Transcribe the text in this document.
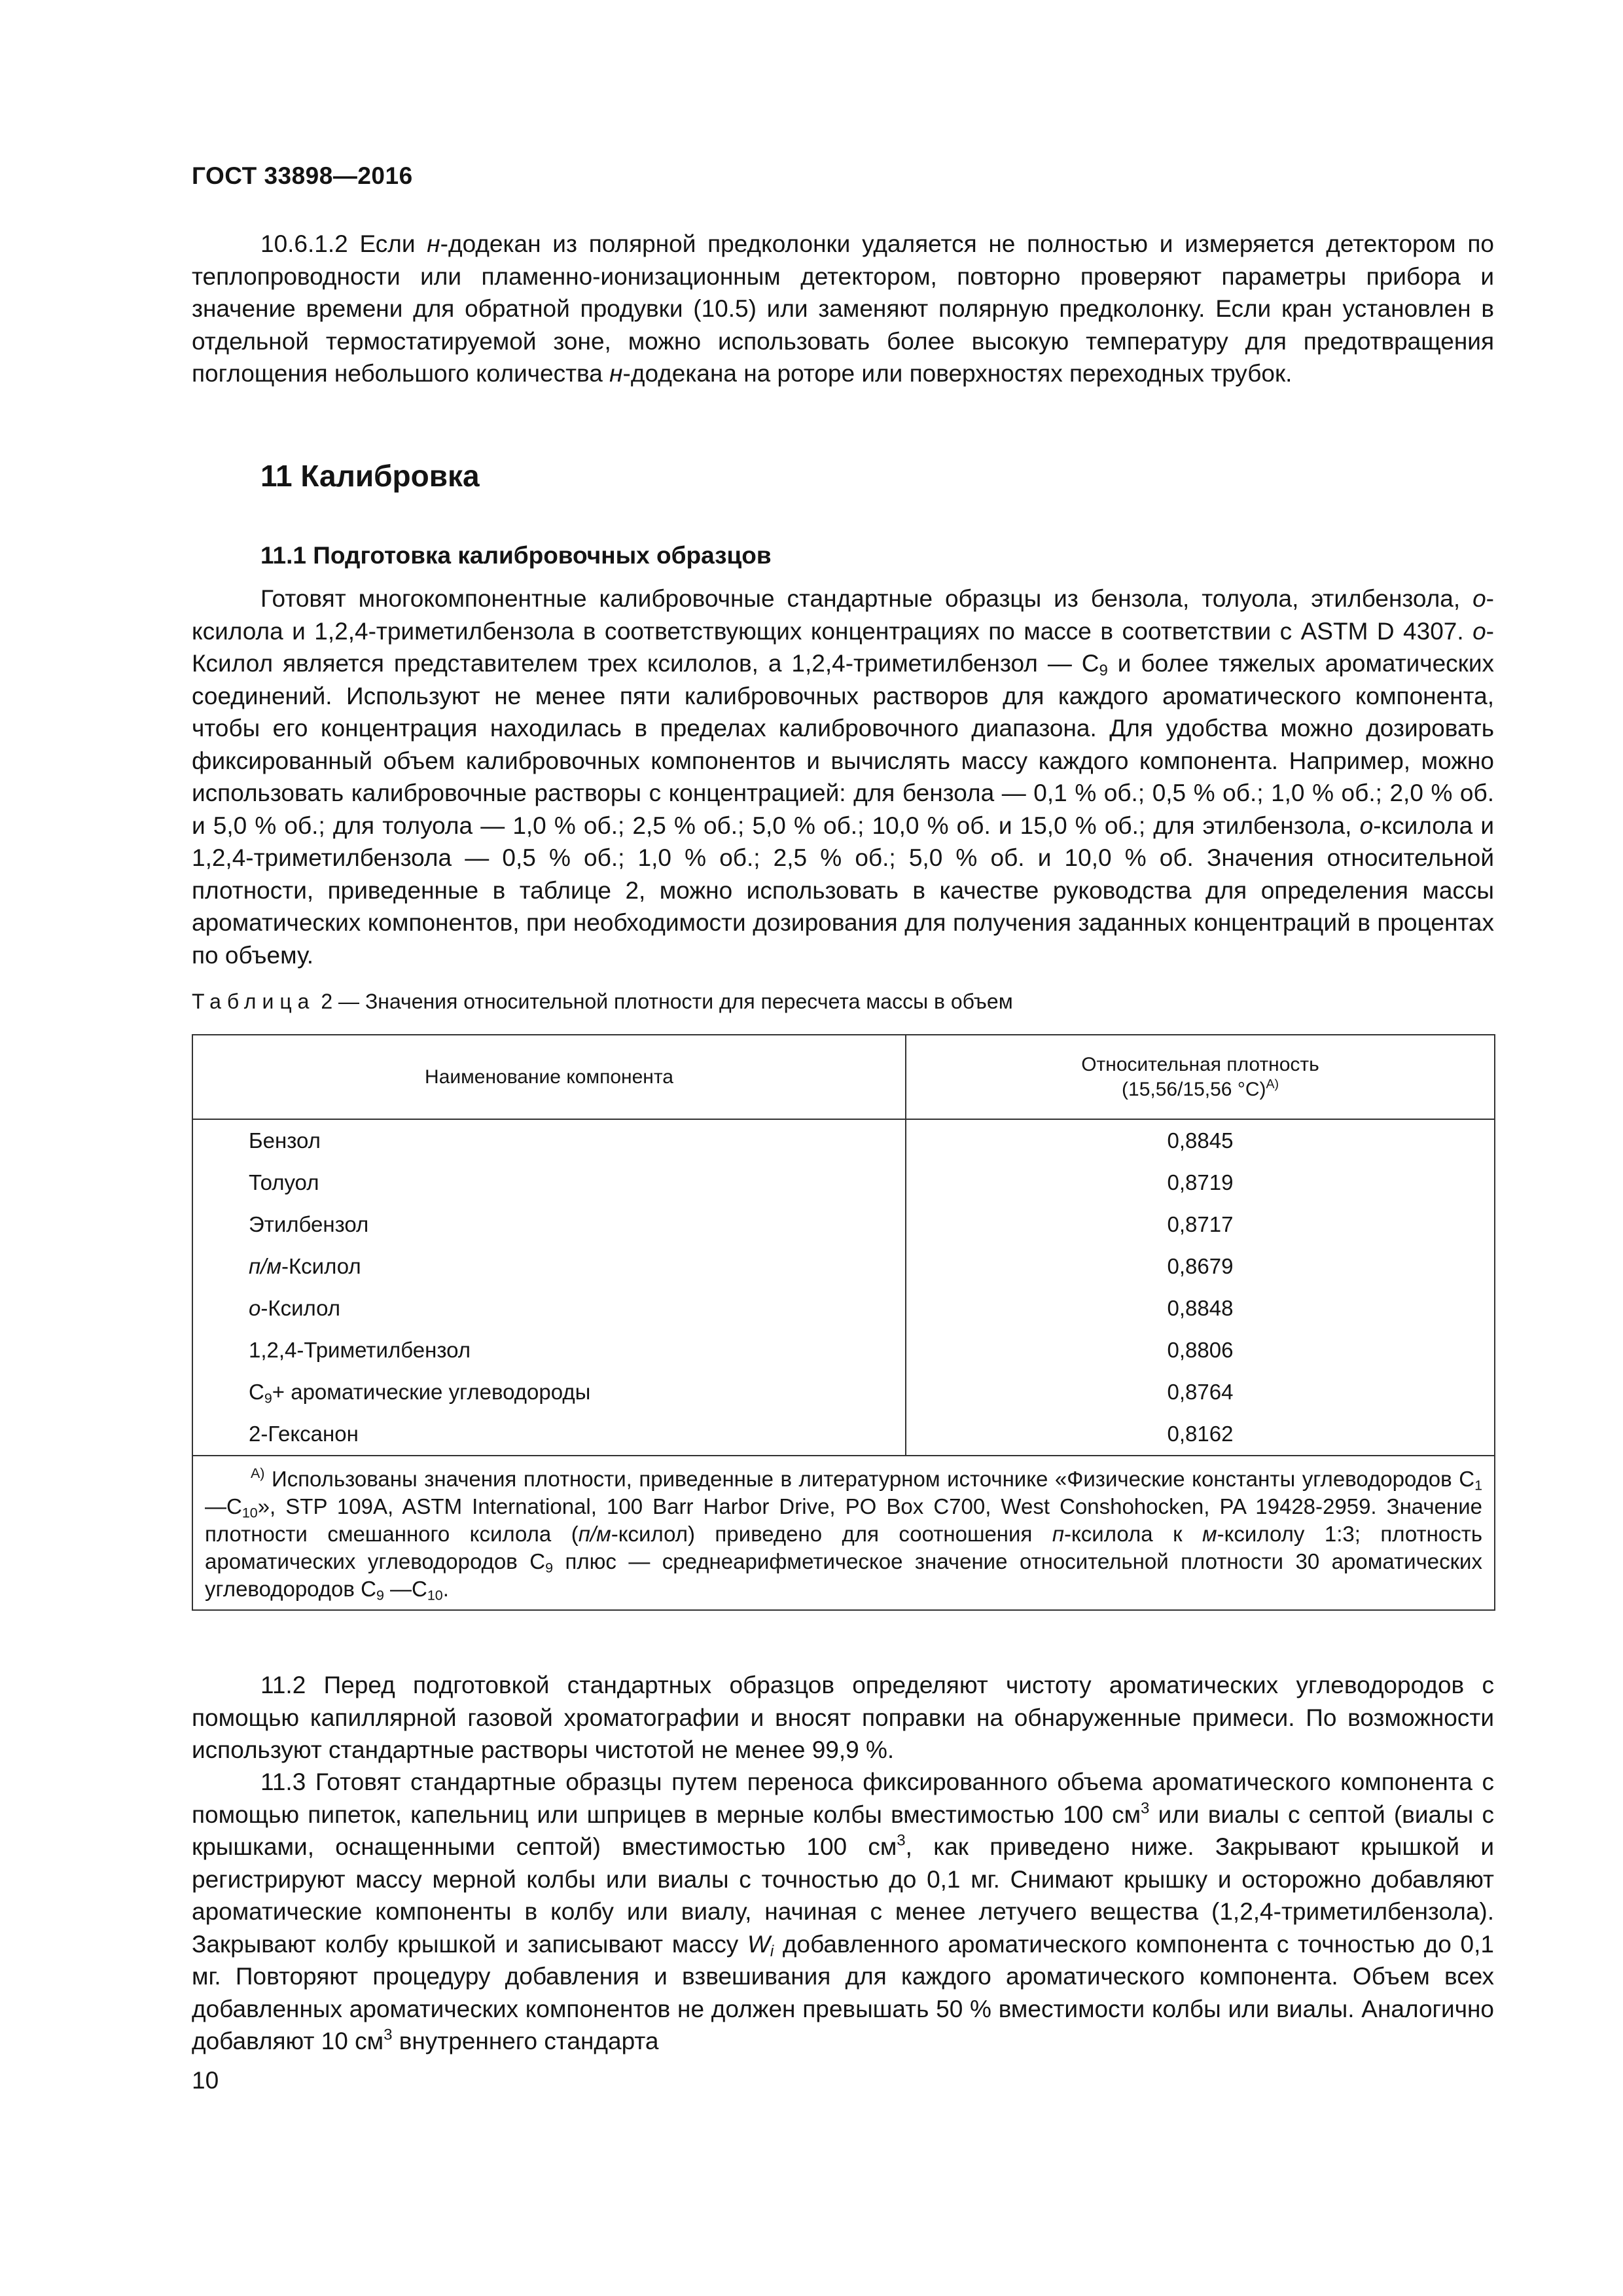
ГОСТ 33898—2016
10.6.1.2 Если н-додекан из полярной предколонки удаляется не полностью и измеряется детектором по теплопроводности или пламенно-ионизационным детектором, повторно проверяют параметры прибора и значение времени для обратной продувки (10.5) или заменяют полярную предколонку. Если кран установлен в отдельной термостатируемой зоне, можно использовать более высокую температуру для предотвращения поглощения небольшого количества н-додекана на роторе или поверхностях переходных трубок.
11 Калибровка
11.1 Подготовка калибровочных образцов
Готовят многокомпонентные калибровочные стандартные образцы из бензола, толуола, этилбензола, о-ксилола и 1,2,4-триметилбензола в соответствующих концентрациях по массе в соответствии с ASTM D 4307. о-Ксилол является представителем трех ксилолов, а 1,2,4-триметилбензол — $С_9$ и более тяжелых ароматических соединений. Используют не менее пяти калибровочных растворов для каждого ароматического компонента, чтобы его концентрация находилась в пределах калибровочного диапазона. Для удобства можно дозировать фиксированный объем калибровочных компонентов и вычислять массу каждого компонента. Например, можно использовать калибровочные растворы с концентрацией: для бензола — 0,1 % об.; 0,5 % об.; 1,0 % об.; 2,0 % об. и 5,0 % об.; для толуола — 1,0 % об.; 2,5 % об.; 5,0 % об.; 10,0 % об. и 15,0 % об.; для этилбензола, о-ксилола и 1,2,4-триметилбензола — 0,5 % об.; 1,0 % об.; 2,5 % об.; 5,0 % об. и 10,0 % об. Значения относительной плотности, приведенные в таблице 2, можно использовать в качестве руководства для определения массы ароматических компонентов, при необходимости дозирования для получения заданных концентраций в процентах по объему.
Таблица 2 — Значения относительной плотности для пересчета массы в объем
Наименование компонента	Относительная плотность
(15,56/15,56 °С)$^{А)}$
Бензол	0,8845
Толуол	0,8719
Этилбензол	0,8717
п/м-Ксилол	0,8679
о-Ксилол	0,8848
1,2,4-Триметилбензол	0,8806
$С_9+$ ароматические углеводороды	0,8764
2-Гексанон	0,8162
$^{А)}$ Использованы значения плотности, приведенные в литературном источнике «Физические константы углеводородов $С_1—С_{10}$», STP 109A, ASTM International, 100 Barr Harbor Drive, PO Box C700, West Conshohocken, PA 19428-2959. Значение плотности смешанного ксилола (п/м-ксилол) приведено для соотношения п-ксилола к м-ксилолу 1:3; плотность ароматических углеводородов $С_9$ плюс — среднеарифметическое значение относительной плотности 30 ароматических углеводородов $С_9$ $—С_{10}$.	
11.2 Перед подготовкой стандартных образцов определяют чистоту ароматических углеводородов с помощью капиллярной газовой хроматографии и вносят поправки на обнаруженные примеси. По возможности используют стандартные растворы чистотой не менее 99,9 %.
11.3 Готовят стандартные образцы путем переноса фиксированного объема ароматического компонента с помощью пипеток, капельниц или шприцев в мерные колбы вместимостью 100 $см^3$ или виалы с септой (виалы с крышками, оснащенными септой) вместимостью 100 $см^3$, как приведено ниже. Закрывают крышкой и регистрируют массу мерной колбы или виалы с точностью до 0,1 мг. Снимают крышку и осторожно добавляют ароматические компоненты в колбу или виалу, начиная с менее летучего вещества (1,2,4-триметилбензола). Закрывают колбу крышкой и записывают массу $W_i$ добавленного ароматического компонента с точностью до 0,1 мг. Повторяют процедуру добавления и взвешивания для каждого ароматического компонента. Объем всех добавленных ароматических компонентов не должен превышать 50 % вместимости колбы или виалы. Аналогично добавляют 10 $см^3$ внутреннего стандарта
10
